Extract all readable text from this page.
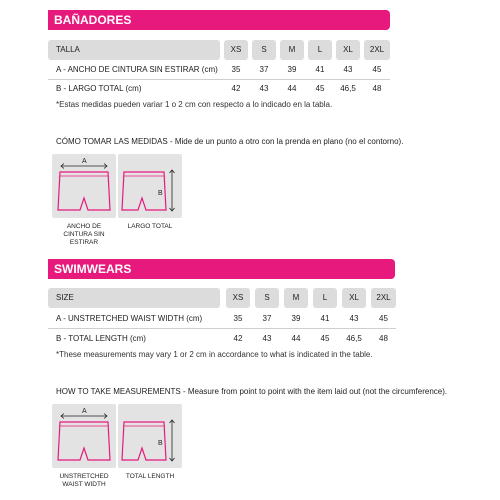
BAÑADORES
TALLA	XS	S	M	L	XL	2XL
A - ANCHO DE CINTURA SIN ESTIRAR (cm)	35	37	39	41	43	45
B - LARGO TOTAL (cm)	42	43	44	45	46,5	48
*Estas medidas pueden variar 1 o 2 cm con respecto a lo indicado en la tabla.
CÓMO TOMAR LAS MEDIDAS - Mide de un punto a otro con la prenda en plano (no el contorno).
A
ANCHO DE CINTURA SIN ESTIRAR
B
LARGO TOTAL
SWIMWEARS
SIZE	XS	S	M	L	XL	2XL
A - UNSTRETCHED WAIST WIDTH (cm)	35	37	39	41	43	45
B - TOTAL LENGTH (cm)	42	43	44	45	46,5	48
*These measurements may vary 1 or 2 cm in accordance to what is indicated in the table.
HOW TO TAKE MEASUREMENTS - Measure from point to point with the item laid out (not the circumference).
A
UNSTRETCHED WAIST WIDTH
B
TOTAL LENGTH
